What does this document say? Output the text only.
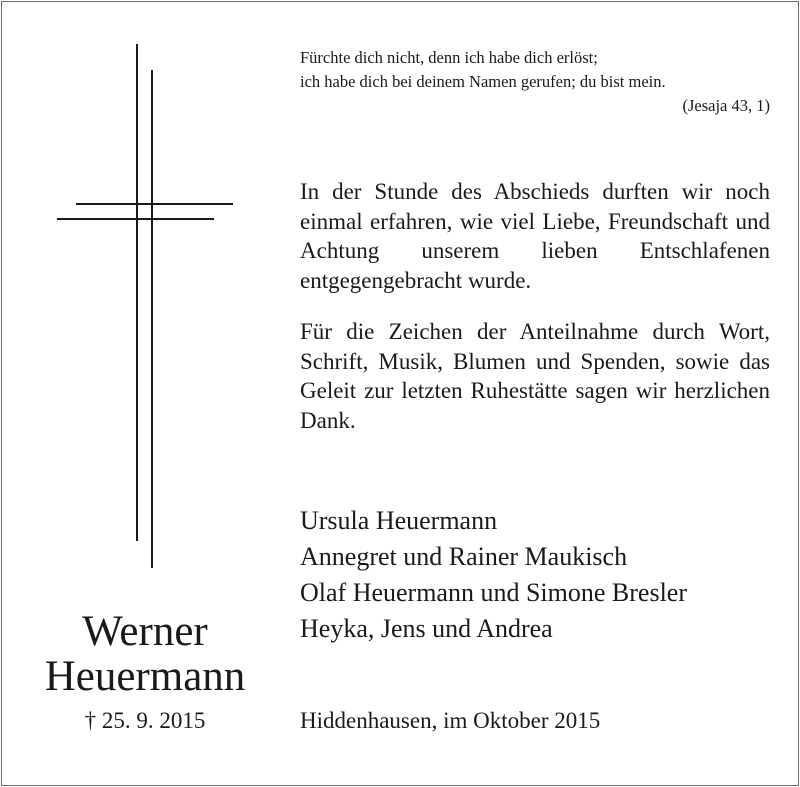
Fürchte dich nicht, denn ich habe dich erlöst;
ich habe dich bei deinem Namen gerufen; du bist mein.
(Jesaja 43, 1)
In der Stunde des Abschieds durften wir noch einmal erfahren, wie viel Liebe, Freundschaft und Achtung unserem lieben Entschlafenen entgegengebracht wurde.
Für die Zeichen der Anteilnahme durch Wort, Schrift, Musik, Blumen und Spenden, sowie das Geleit zur letzten Ruhestätte sagen wir herzlichen Dank.
Ursula Heuermann
Annegret und Rainer Maukisch
Olaf Heuermann und Simone Bresler
Heyka, Jens und Andrea
Werner
Heuermann
† 25. 9. 2015	Hiddenhausen, im Oktober 2015
